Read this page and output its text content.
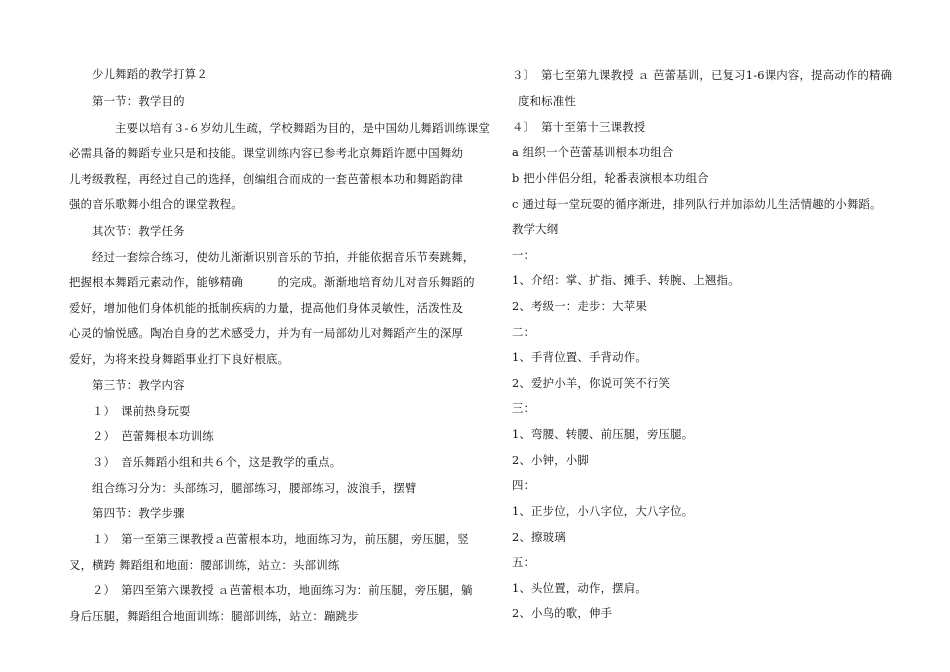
少儿舞蹈的教学打算２
第一节：教学目的
主要以培有３-６岁幼儿生疏，学校舞蹈为目的，是中国幼儿舞蹈训练课堂
必需具备的舞蹈专业只是和技能。课堂训练内容已参考北京舞蹈许愿中国舞幼
儿考级教程，再经过自己的选择，创编组合而成的一套芭蕾根本功和舞蹈韵律
强的音乐歌舞小组合的课堂教程。
其次节：教学任务
经过一套综合练习，使幼儿渐渐识别音乐的节拍，并能依据音乐节奏跳舞，
把握根本舞蹈元素动作，能够精确　　　的完成。渐渐地培育幼儿对音乐舞蹈的
爱好，增加他们身体机能的抵制疾病的力量，提高他们身体灵敏性，活泼性及
心灵的愉悦感。陶冶自身的艺术感受力，并为有一局部幼儿对舞蹈产生的深厚
爱好，为将来投身舞蹈事业打下良好根底。
第三节：教学内容
１）　课前热身玩耍
２）　芭蕾舞根本功训练
３）　音乐舞蹈小组和共６个，这是教学的重点。
组合练习分为：头部练习，腿部练习，腰部练习，波浪手，摆臂
第四节：教学步骤
１）　第一至第三课教授ａ芭蕾根本功，地面练习为，前压腿，旁压腿，竖
叉，横跨 舞蹈组和地面：腰部训练，站立：头部训练
２）　第四至第六课教授 ａ芭蕾根本功，地面练习为：前压腿，旁压腿，躺
身后压腿，舞蹈组合地面训练：腿部训练，站立：蹦跳步
３〕　第七至第九课教授 ａ 芭蕾基训，已复习1-6课内容，提高动作的精确
度和标准性
４〕　第十至第十三课教授
a 组织一个芭蕾基训根本功组合
b 把小伴侣分组，轮番表演根本功组合
c 通过每一堂玩耍的循序渐进，排列队行并加添幼儿生活情趣的小舞蹈。
教学大纲
一：
1、介绍：掌、扩指、摊手、转腕、上翘指。
2、考级一：走步：大苹果
二：
1、手背位置、手背动作。
2、爱护小羊，你说可笑不行笑
三：
1、弯腰、转腰、前压腿，旁压腿。
2、小钟，小脚
四：
1、正步位，小八字位，大八字位。
2、擦玻璃
五：
1、头位置，动作，摆肩。
2、小鸟的歌，伸手
